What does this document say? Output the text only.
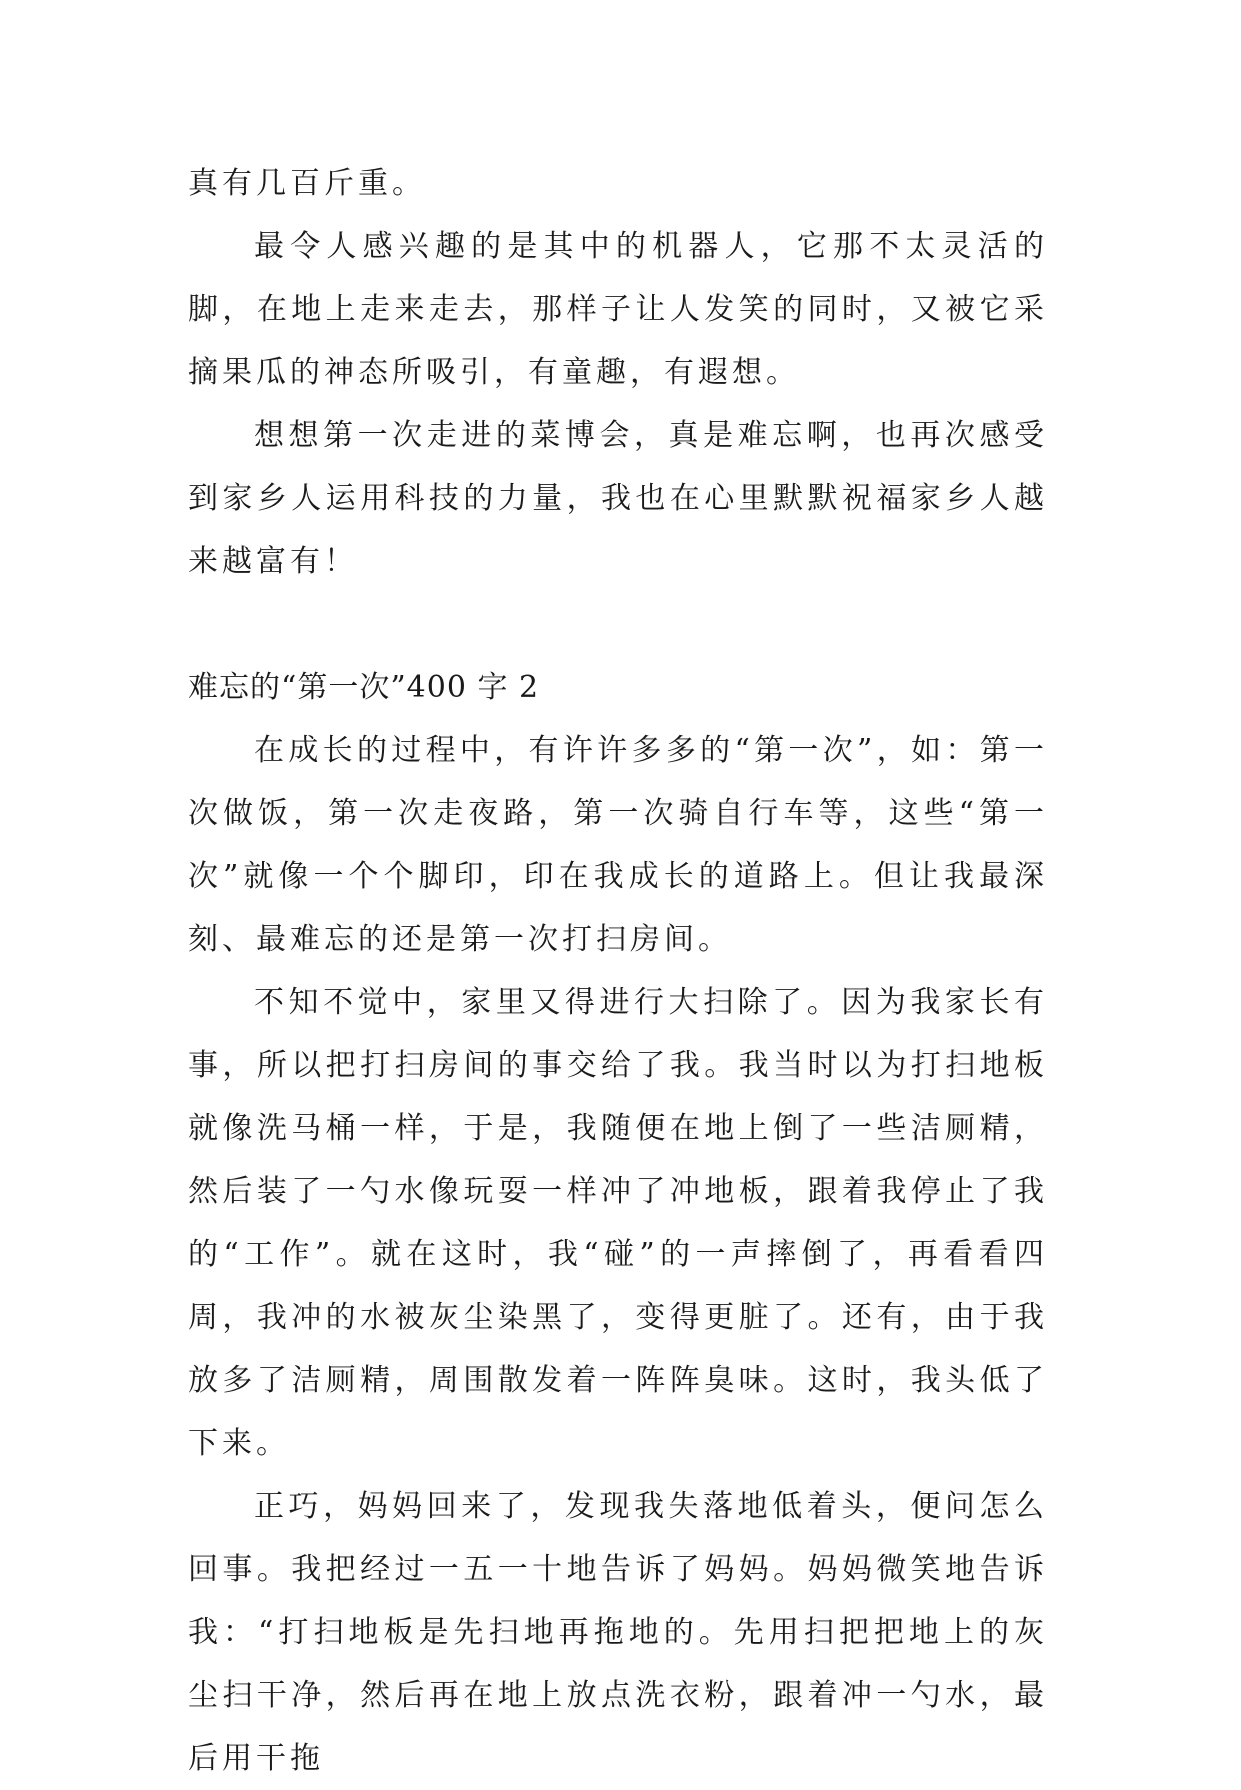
真有几百斤重。

最令人感兴趣的是其中的机器人，它那不太灵活的脚，在地上走来走去，那样子让人发笑的同时，又被它采摘果瓜的神态所吸引，有童趣，有遐想。

想想第一次走进的菜博会，真是难忘啊，也再次感受到家乡人运用科技的力量，我也在心里默默祝福家乡人越来越富有！

难忘的“第一次”400 字 2

在成长的过程中，有许许多多的“第一次”，如：第一次做饭，第一次走夜路，第一次骑自行车等，这些“第一次”就像一个个脚印，印在我成长的道路上。但让我最深刻、最难忘的还是第一次打扫房间。

不知不觉中，家里又得进行大扫除了。因为我家长有事，所以把打扫房间的事交给了我。我当时以为打扫地板就像洗马桶一样，于是，我随便在地上倒了一些洁厕精，然后装了一勺水像玩耍一样冲了冲地板，跟着我停止了我的“工作”。就在这时，我“碰”的一声摔倒了，再看看四周，我冲的水被灰尘染黑了，变得更脏了。还有，由于我放多了洁厕精，周围散发着一阵阵臭味。这时，我头低了下来。

正巧，妈妈回来了，发现我失落地低着头，便问怎么回事。我把经过一五一十地告诉了妈妈。妈妈微笑地告诉我：“打扫地板是先扫地再拖地的。先用扫把把地上的灰尘扫干净，然后再在地上放点洗衣粉，跟着冲一勺水，最后用干拖
